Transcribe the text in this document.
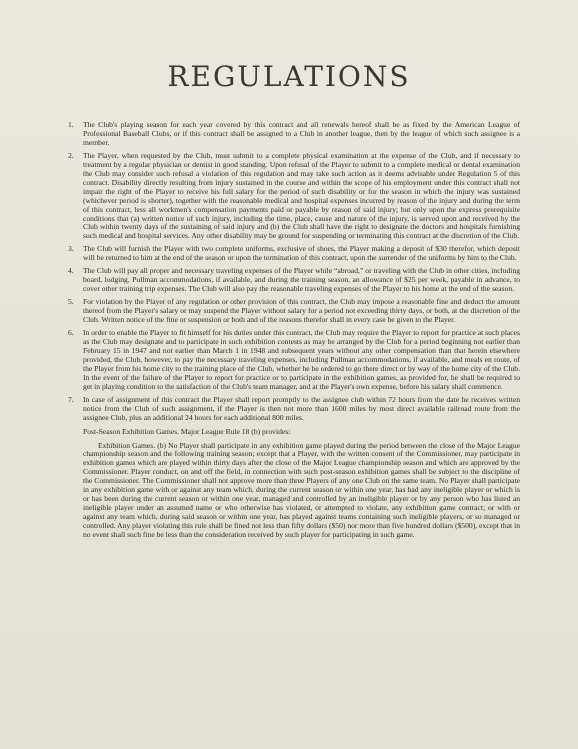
REGULATIONS
1.	The Club's playing season for each year covered by this contract and all renewals hereof shall be as fixed by the American League of Professional Baseball Clubs, or if this contract shall be assigned to a Club in another league, then by the league of which such assignee is a member.
2.	The Player, when requested by the Club, must submit to a complete physical examination at the expense of the Club, and if necessary to treatment by a regular physician or dentist in good standing. Upon refusal of the Player to submit to a complete medical or dental examination the Club may consider such refusal a violation of this regulation and may take such action as it deems advisable under Regulation 5 of this contract. Disability directly resulting from injury sustained in the course and within the scope of his employment under this contract shall not impair the right of the Player to receive his full salary for the period of such disability or for the season in which the injury was sustained (whichever period is shorter), together with the reasonable medical and hospital expenses incurred by reason of the injury and during the term of this contract, less all workmen's compensation payments paid or payable by reason of said injury; but only upon the express prerequisite conditions that (a) written notice of such injury, including the time, place, cause and nature of the injury, is served upon and received by the Club within twenty days of the sustaining of said injury and (b) the Club shall have the right to designate the doctors and hospitals furnishing such medical and hospital services. Any other disability may be ground for suspending or terminating this contract at the discretion of the Club.
3.	The Club will furnish the Player with two complete uniforms, exclusive of shoes, the Player making a deposit of $30 therefor, which deposit will be returned to him at the end of the season or upon the termination of this contract, upon the surrender of the uniforms by him to the Club.
4.	The Club will pay all proper and necessary traveling expenses of the Player while “abroad,” or traveling with the Club in other cities, including board, lodging, Pullman accommodations, if available, and during the training season, an allowance of $25 per week, payable in advance, to cover other training trip expenses. The Club will also pay the reasonable traveling expenses of the Player to his home at the end of the season.
5.	For violation by the Player of any regulation or other provision of this contract, the Club may impose a reasonable fine and deduct the amount thereof from the Player's salary or may suspend the Player without salary for a period not exceeding thirty days, or both, at the discretion of the Club. Written notice of the fine or suspension or both and of the reasons therefor shall in every case be given to the Player.
6.	In order to enable the Player to fit himself for his duties under this contract, the Club may require the Player to report for practice at such places as the Club may designate and to participate in such exhibition contests as may be arranged by the Club for a period beginning not earlier than February 15 in 1947 and not earlier than March 1 in 1948 and subsequent years without any other compensation than that herein elsewhere provided, the Club, however, to pay the necessary traveling expenses, including Pullman accommodations, if available, and meals en route, of the Player from his home city to the training place of the Club, whether he be ordered to go there direct or by way of the home city of the Club. In the event of the failure of the Player to report for practice or to participate in the exhibition games, as provided for, he shall be required to get in playing condition to the satisfaction of the Club's team manager, and at the Player's own expense, before his salary shall commence.
7.	In case of assignment of this contract the Player shall report promptly to the assignee club within 72 hours from the date he receives written notice from the Club of such assignment, if the Player is then not more than 1600 miles by most direct available railroad route from the assignee Club, plus an additional 24 hours for each additional 800 miles.
Post-Season Exhibition Games. Major League Rule 18 (b) provides:
Exhibition Games. (b) No Player shall participate in any exhibition game played during the period between the close of the Major League championship season and the following training season; except that a Player, with the written consent of the Commissioner, may participate in exhibition games which are played within thirty days after the close of the Major League championship season and which are approved by the Commissioner. Player conduct, on and off the field, in connection with such post-season exhibition games shall be subject to the discipline of the Commissioner. The Commissioner shall not approve more than three Players of any one Club on the same team. No Player shall participate in any exhibition game with or against any team which, during the current season or within one year, has had any ineligible player or which is or has been during the current season or within one year, managed and controlled by an ineligible player or by any person who has listed an ineligible player under an assumed name or who otherwise has violated, or attempted to violate, any exhibition game contract; or with or against any team which, during said season or within one year, has played against teams containing such ineligible players, or so managed or controlled. Any player violating this rule shall be fined not less than fifty dollars ($50) nor more than five hundred dollars ($500), except that in no event shall such fine be less than the consideration received by such player for participating in such game.
